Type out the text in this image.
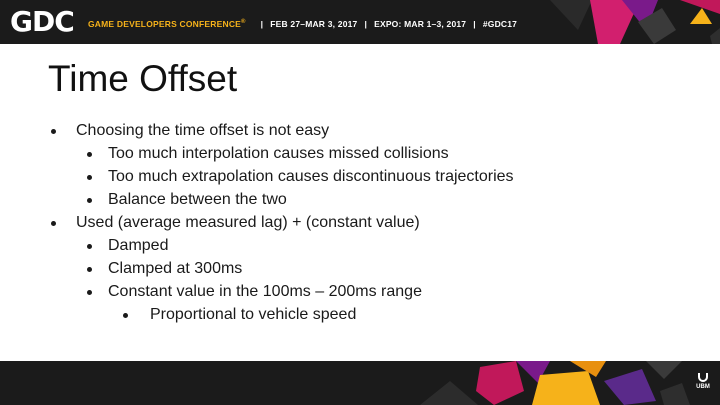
GDC GAME DEVELOPERS CONFERENCE® | FEB 27–MAR 3, 2017 | EXPO: MAR 1–3, 2017 | #GDC17
Time Offset
Choosing the time offset is not easy
Too much interpolation causes missed collisions
Too much extrapolation causes discontinuous trajectories
Balance between the two
Used (average measured lag) + (constant value)
Damped
Clamped at 300ms
Constant value in the 100ms – 200ms range
Proportional to vehicle speed
UBM
